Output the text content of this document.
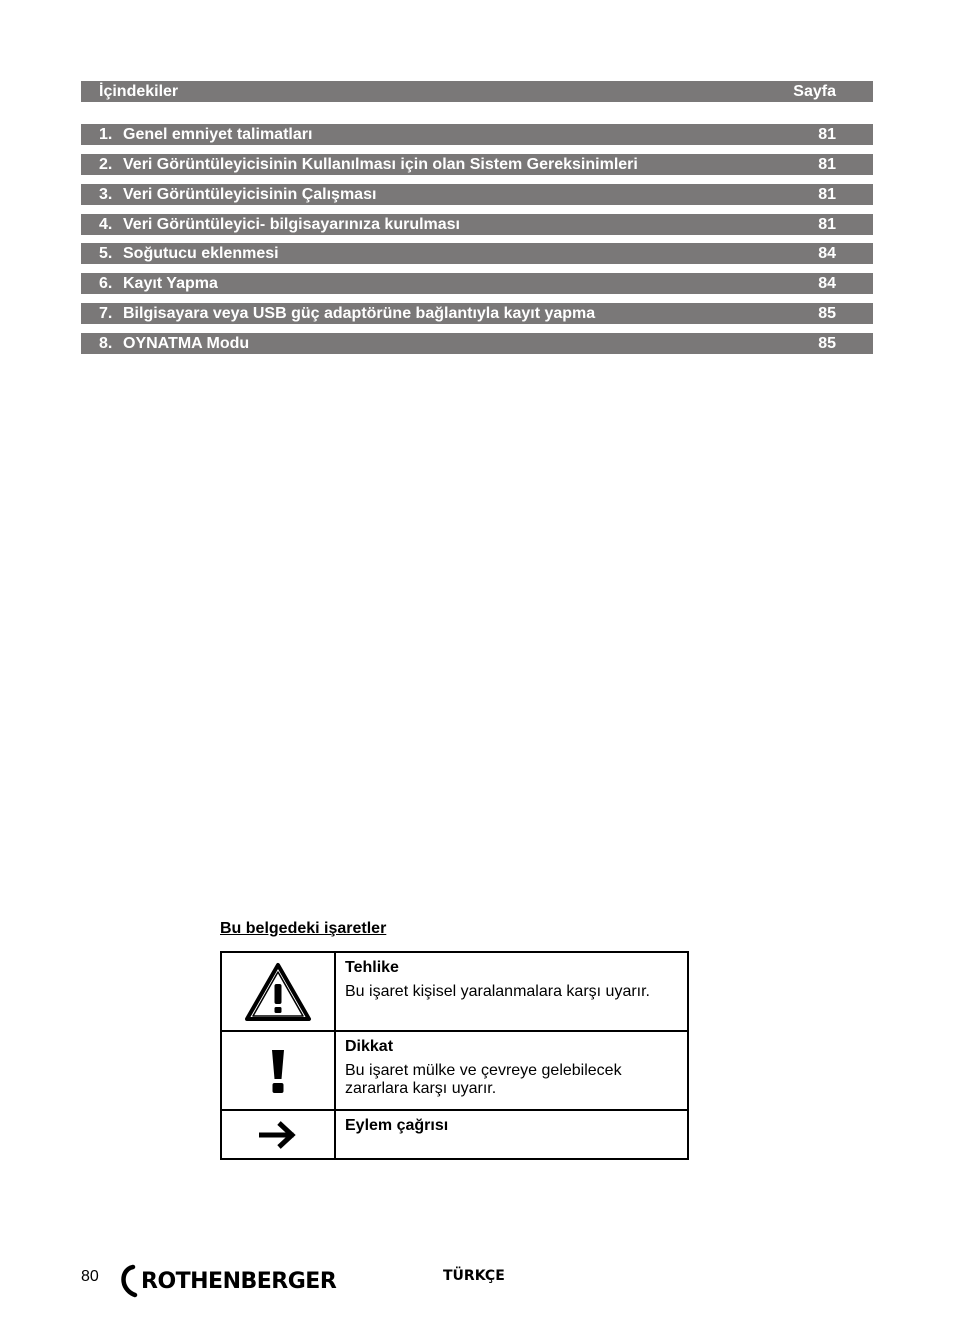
İçindekiler	Sayfa
1. Genel emniyet talimatları	81
2. Veri Görüntüleyicisinin Kullanılması için olan Sistem Gereksinimleri	81
3. Veri Görüntüleyicisinin Çalışması	81
4. Veri Görüntüleyici- bilgisayarınıza kurulması	81
5. Soğutucu eklenmesi	84
6. Kayıt Yapma	84
7. Bilgisayara veya USB güç adaptörüne bağlantıyla kayıt yapma	85
8. OYNATMA Modu	85
Bu belgedeki işaretler
Tehlike
Bu işaret kişisel yaralanmalara karşı uyarır.
Dikkat
Bu işaret mülke ve çevreye gelebilecek zararlara karşı uyarır.
Eylem çağrısı
80 ROTHENBERGER	TÜRKÇE
